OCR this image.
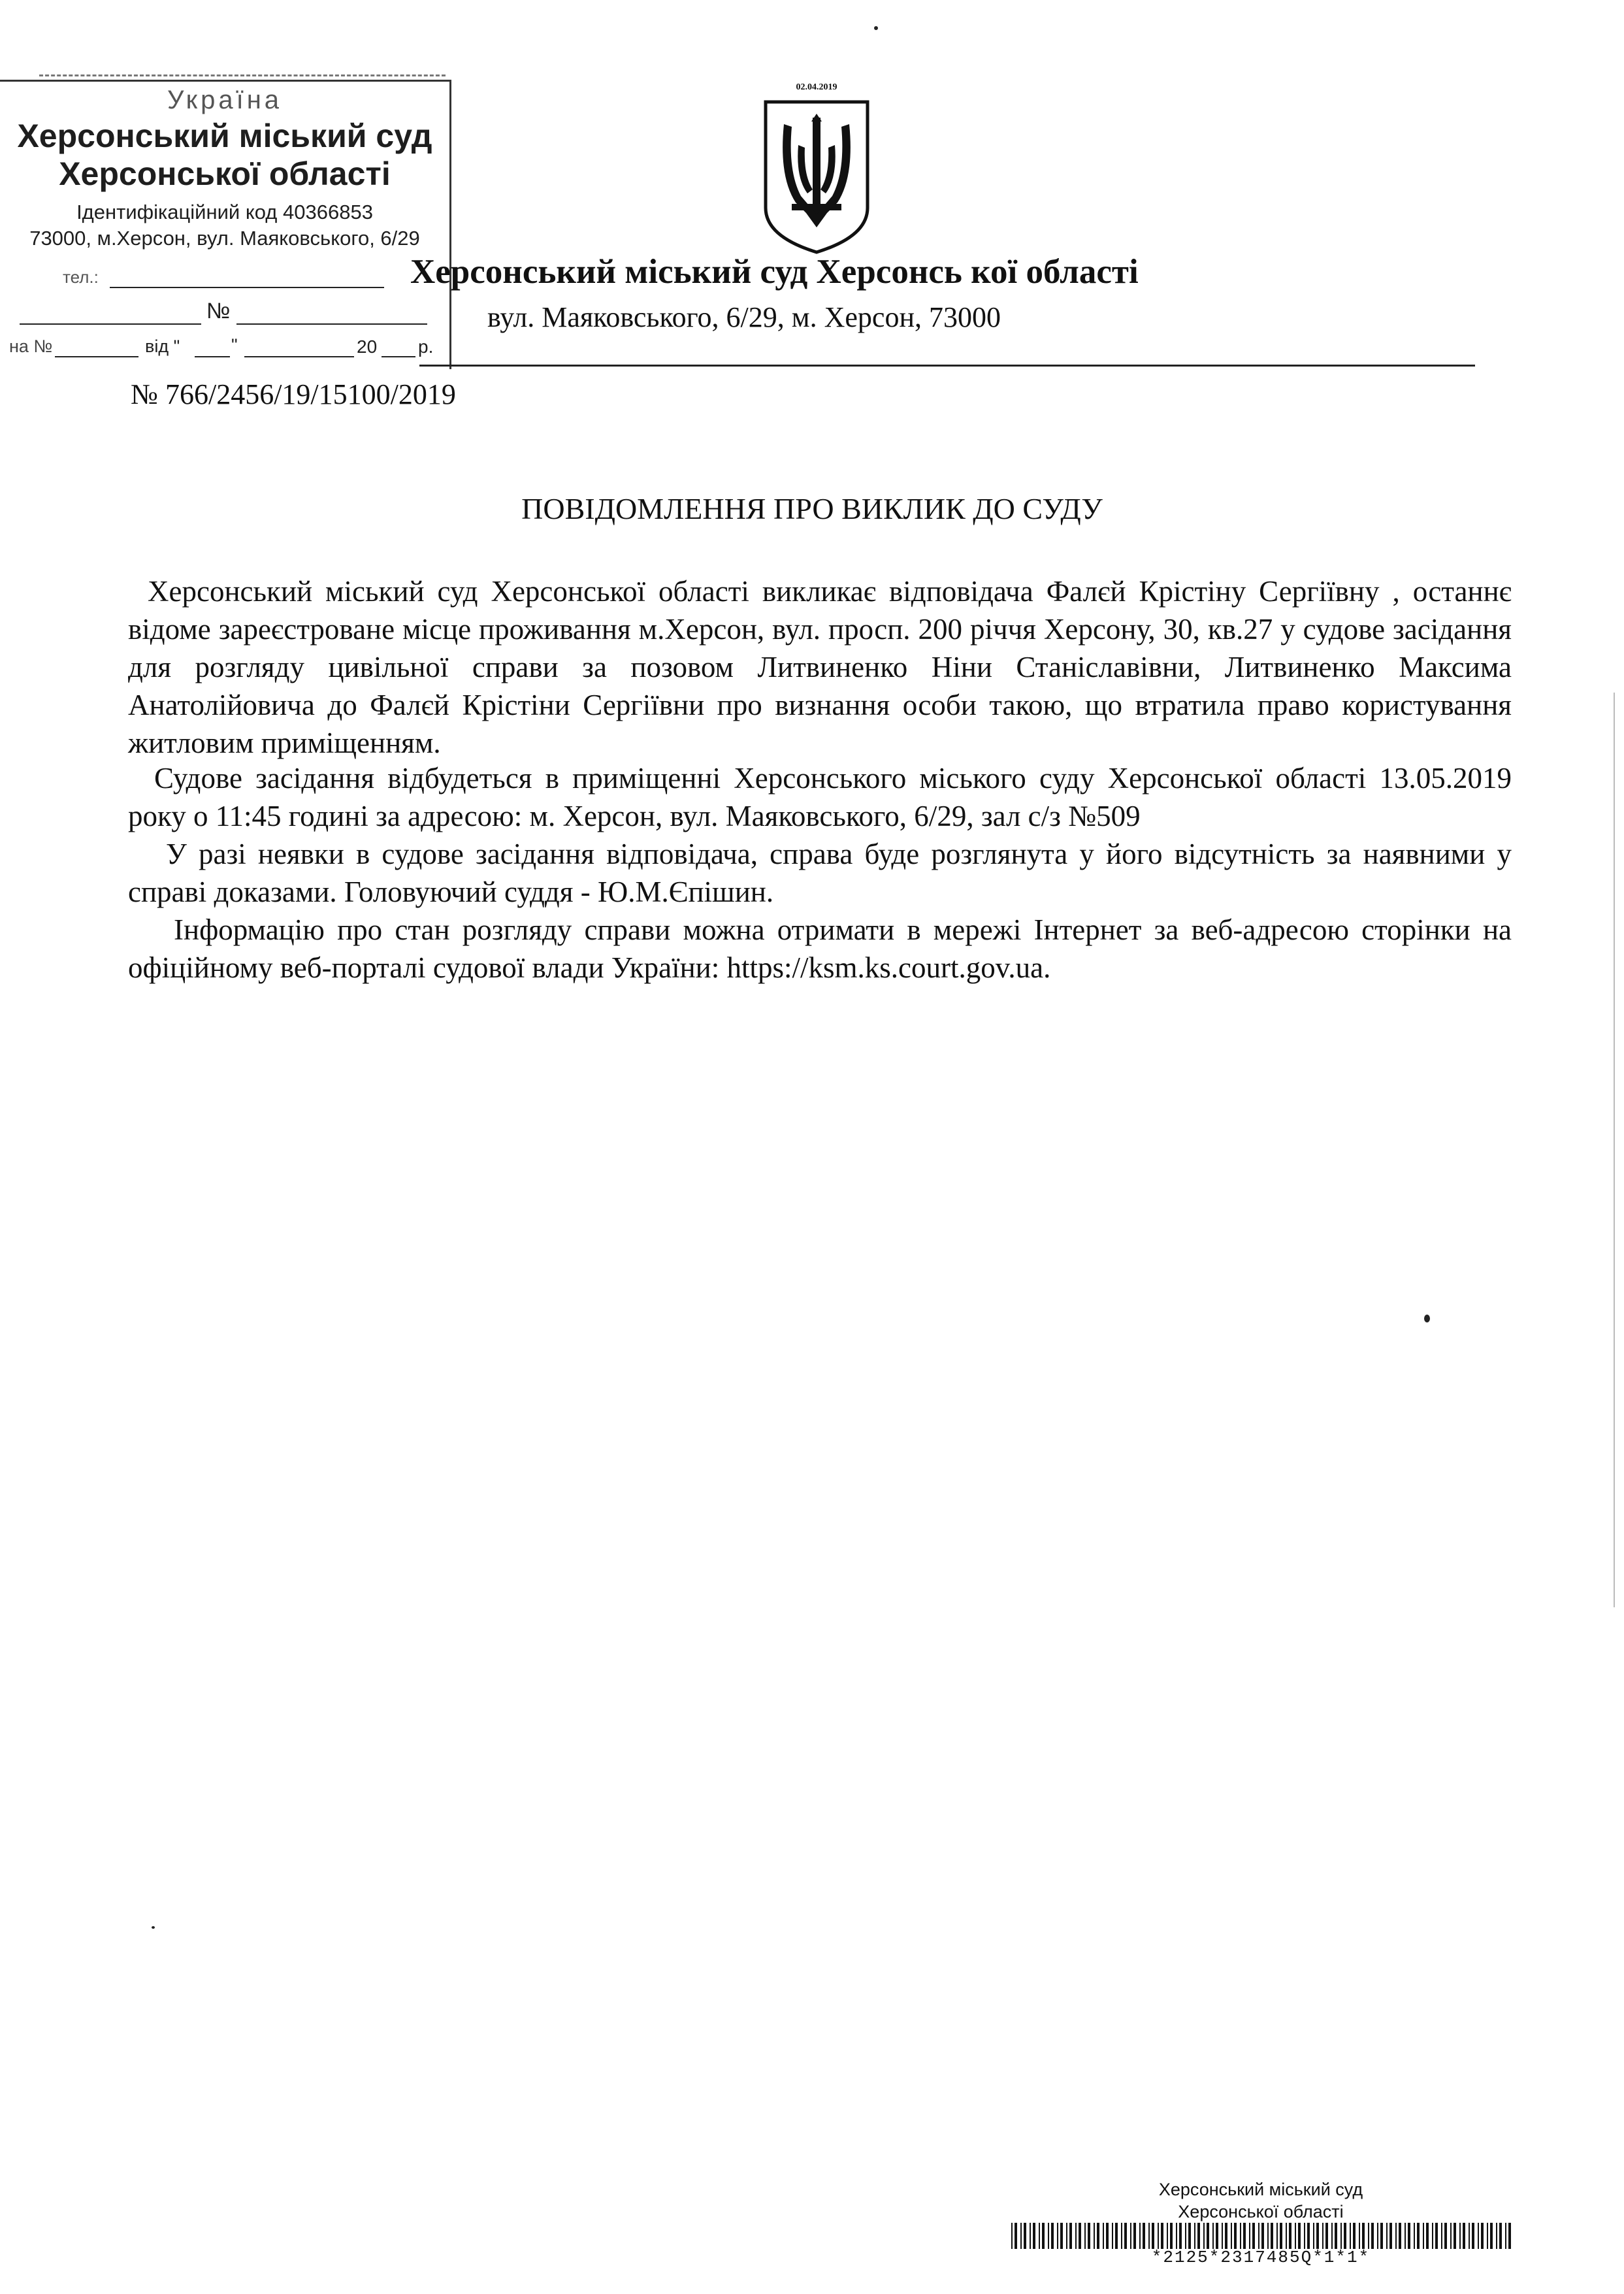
Україна
Херсонський міський суд
Херсонської області
Ідентифікаційний код 40366853
73000, м.Херсон, вул. Маяковського, 6/29
тел.:
№
на №	від "	"	20 р.
02.04.2019
Херсонський міський суд Херсонсь кої області
вул. Маяковського, 6/29, м. Херсон, 73000
№ 766/2456/19/15100/2019
ПОВІДОМЛЕННЯ ПРО ВИКЛИК ДО СУДУ
Херсонський міський суд Херсонської області викликає відповідача Фалєй Крістіну Сергіївну , останнє відоме зареєстроване місце проживання м.Херсон, вул. просп. 200 річчя Херсону, 30, кв.27 у судове засідання для розгляду цивільної справи за позовом Литвиненко Ніни Станіславівни, Литвиненко Максима Анатолійовича до Фалєй Крістіни Сергіївни про визнання особи такою, що втратила право користування житловим приміщенням.
Судове засідання відбудеться в приміщенні Херсонського міського суду Херсонської області 13.05.2019 року о 11:45 годині за адресою: м. Херсон, вул. Маяковського, 6/29, зал с/з №509
У разі неявки в судове засідання відповідача, справа буде розглянута у його відсутність за наявними у справі доказами. Головуючий суддя - Ю.М.Єпішин.
Інформацію про стан розгляду справи можна отримати в мережі Інтернет за веб-адресою сторінки на офіційному веб-порталі судової влади України: https://ksm.ks.court.gov.ua.
Херсонський міський суд
Херсонської області
*2125*2317485Q*1*1*
